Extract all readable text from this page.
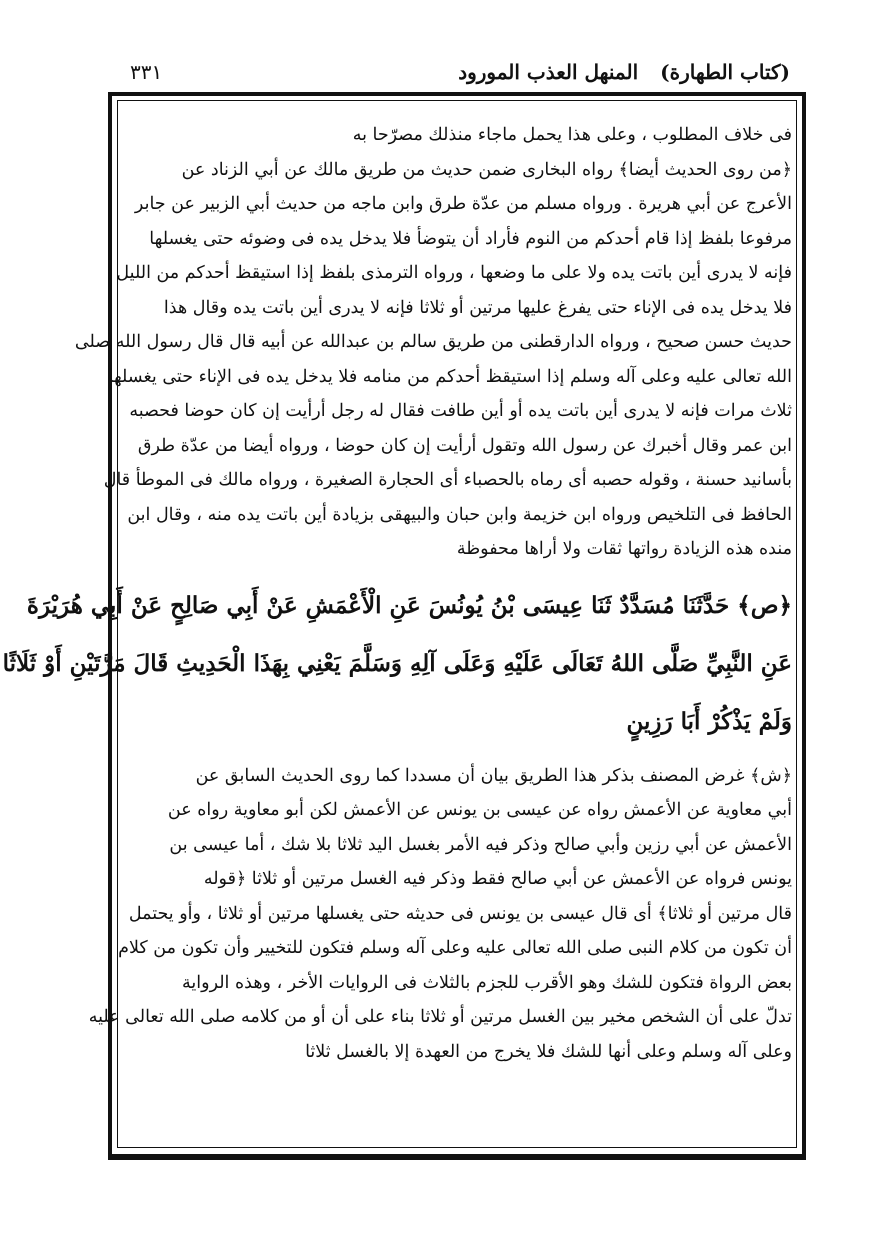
(كتاب الطهارة)
المنهل العذب المورود
٣٣١
فى خلاف المطلوب ، وعلى هذا يحمل ماجاء منذلك مصرّحا به
﴿من روى الحديث أيضا﴾ رواه البخارى ضمن حديث من طريق مالك عن أبي الزناد عن
الأعرج عن أبي هريرة . ورواه مسلم من عدّة طرق وابن ماجه من حديث أبي الزبير عن جابر
مرفوعا بلفظ إذا قام أحدكم من النوم فأراد أن يتوضأ فلا يدخل يده فى وضوئه حتى يغسلها
فإنه لا يدرى أين باتت يده ولا على ما وضعها ، ورواه الترمذى بلفظ إذا استيقظ أحدكم من الليل
فلا يدخل يده فى الإناء حتى يفرغ عليها مرتين أو ثلاثا فإنه لا يدرى أين باتت يده وقال هذا
حديث حسن صحيح ، ورواه الدارقطنى من طريق سالم بن عبدالله عن أبيه قال قال رسول الله صلى
الله تعالى عليه وعلى آله وسلم إذا استيقظ أحدكم من منامه فلا يدخل يده فى الإناء حتى يغسلها
ثلاث مرات فإنه لا يدرى أين باتت يده أو أين طافت فقال له رجل أرأيت إن كان حوضا فحصبه
ابن عمر وقال أخبرك عن رسول الله وتقول أرأيت إن كان حوضا ، ورواه أيضا من عدّة طرق
بأسانيد حسنة ، وقوله حصبه أى رماه بالحصباء أى الحجارة الصغيرة ، ورواه مالك فى الموطأ قال
الحافظ فى التلخيص ورواه ابن خزيمة وابن حبان والبيهقى بزيادة أين باتت يده منه ، وقال ابن
منده هذه الزيادة رواتها ثقات ولا أراها محفوظة
﴿ص﴾ حَدَّثَنَا مُسَدَّدٌ ثَنَا عِيسَى بْنُ يُونُسَ عَنِ الْأَعْمَشِ عَنْ أَبِي صَالِحٍ عَنْ أَبِي هُرَيْرَةَ
عَنِ النَّبِيِّ صَلَّى اللهُ تَعَالَى عَلَيْهِ وَعَلَى آلِهِ وَسَلَّمَ يَعْنِي بِهَذَا الْحَدِيثِ قَالَ مَرَّتَيْنِ أَوْ ثَلَاثًا
وَلَمْ يَذْكُرْ أَبَا رَزِينٍ
﴿ش﴾ غرض المصنف بذكر هذا الطريق بيان أن مسددا كما روى الحديث السابق عن
أبي معاوية عن الأعمش رواه عن عيسى بن يونس عن الأعمش لكن أبو معاوية رواه عن
الأعمش عن أبي رزين وأبي صالح وذكر فيه الأمر بغسل اليد ثلاثا بلا شك ، أما عيسى بن
يونس فرواه عن الأعمش عن أبي صالح فقط وذكر فيه الغسل مرتين أو ثلاثا ﴿قوله
قال مرتين أو ثلاثا﴾ أى قال عيسى بن يونس فى حديثه حتى يغسلها مرتين أو ثلاثا ، وأو يحتمل
أن تكون من كلام النبى صلى الله تعالى عليه وعلى آله وسلم فتكون للتخيير وأن تكون من كلام
بعض الرواة فتكون للشك وهو الأقرب للجزم بالثلاث فى الروايات الأخر ، وهذه الرواية
تدلّ على أن الشخص مخير بين الغسل مرتين أو ثلاثا بناء على أن أو من كلامه صلى الله تعالى عليه
وعلى آله وسلم وعلى أنها للشك فلا يخرج من العهدة إلا بالغسل ثلاثا
